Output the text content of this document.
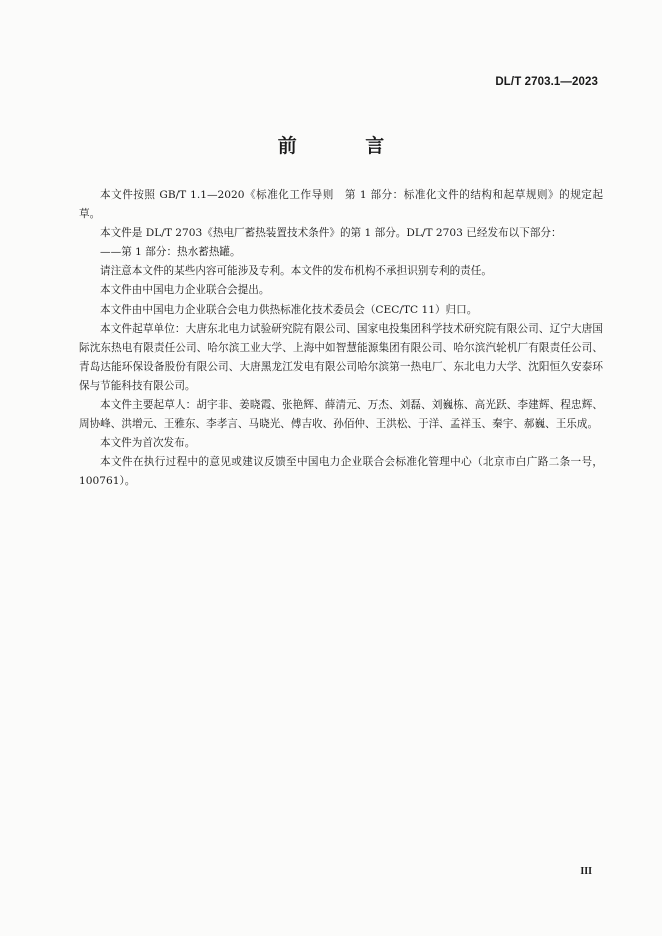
DL/T 2703.1—2023
前 言

本文件按照 GB/T 1.1—2020《标准化工作导则　第 1 部分：标准化文件的结构和起草规则》的规定起草。

本文件是 DL/T 2703《热电厂蓄热装置技术条件》的第 1 部分。DL/T 2703 已经发布以下部分：

——第 1 部分：热水蓄热罐。

请注意本文件的某些内容可能涉及专利。本文件的发布机构不承担识别专利的责任。

本文件由中国电力企业联合会提出。

本文件由中国电力企业联合会电力供热标准化技术委员会（CEC/TC 11）归口。

本文件起草单位：大唐东北电力试验研究院有限公司、国家电投集团科学技术研究院有限公司、辽宁大唐国际沈东热电有限责任公司、哈尔滨工业大学、上海中如智慧能源集团有限公司、哈尔滨汽轮机厂有限责任公司、青岛达能环保设备股份有限公司、大唐黑龙江发电有限公司哈尔滨第一热电厂、东北电力大学、沈阳恒久安泰环保与节能科技有限公司。

本文件主要起草人：胡宇非、姜晓霞、张艳辉、薛清元、万杰、刘磊、刘巍栋、高光跃、李建辉、程忠辉、周协峰、洪增元、王雅东、李孝言、马晓光、傅吉收、孙佰仲、王洪松、于洋、孟祥玉、秦宇、郝巍、王乐成。

本文件为首次发布。

本文件在执行过程中的意见或建议反馈至中国电力企业联合会标准化管理中心（北京市白广路二条一号，100761）。

III
